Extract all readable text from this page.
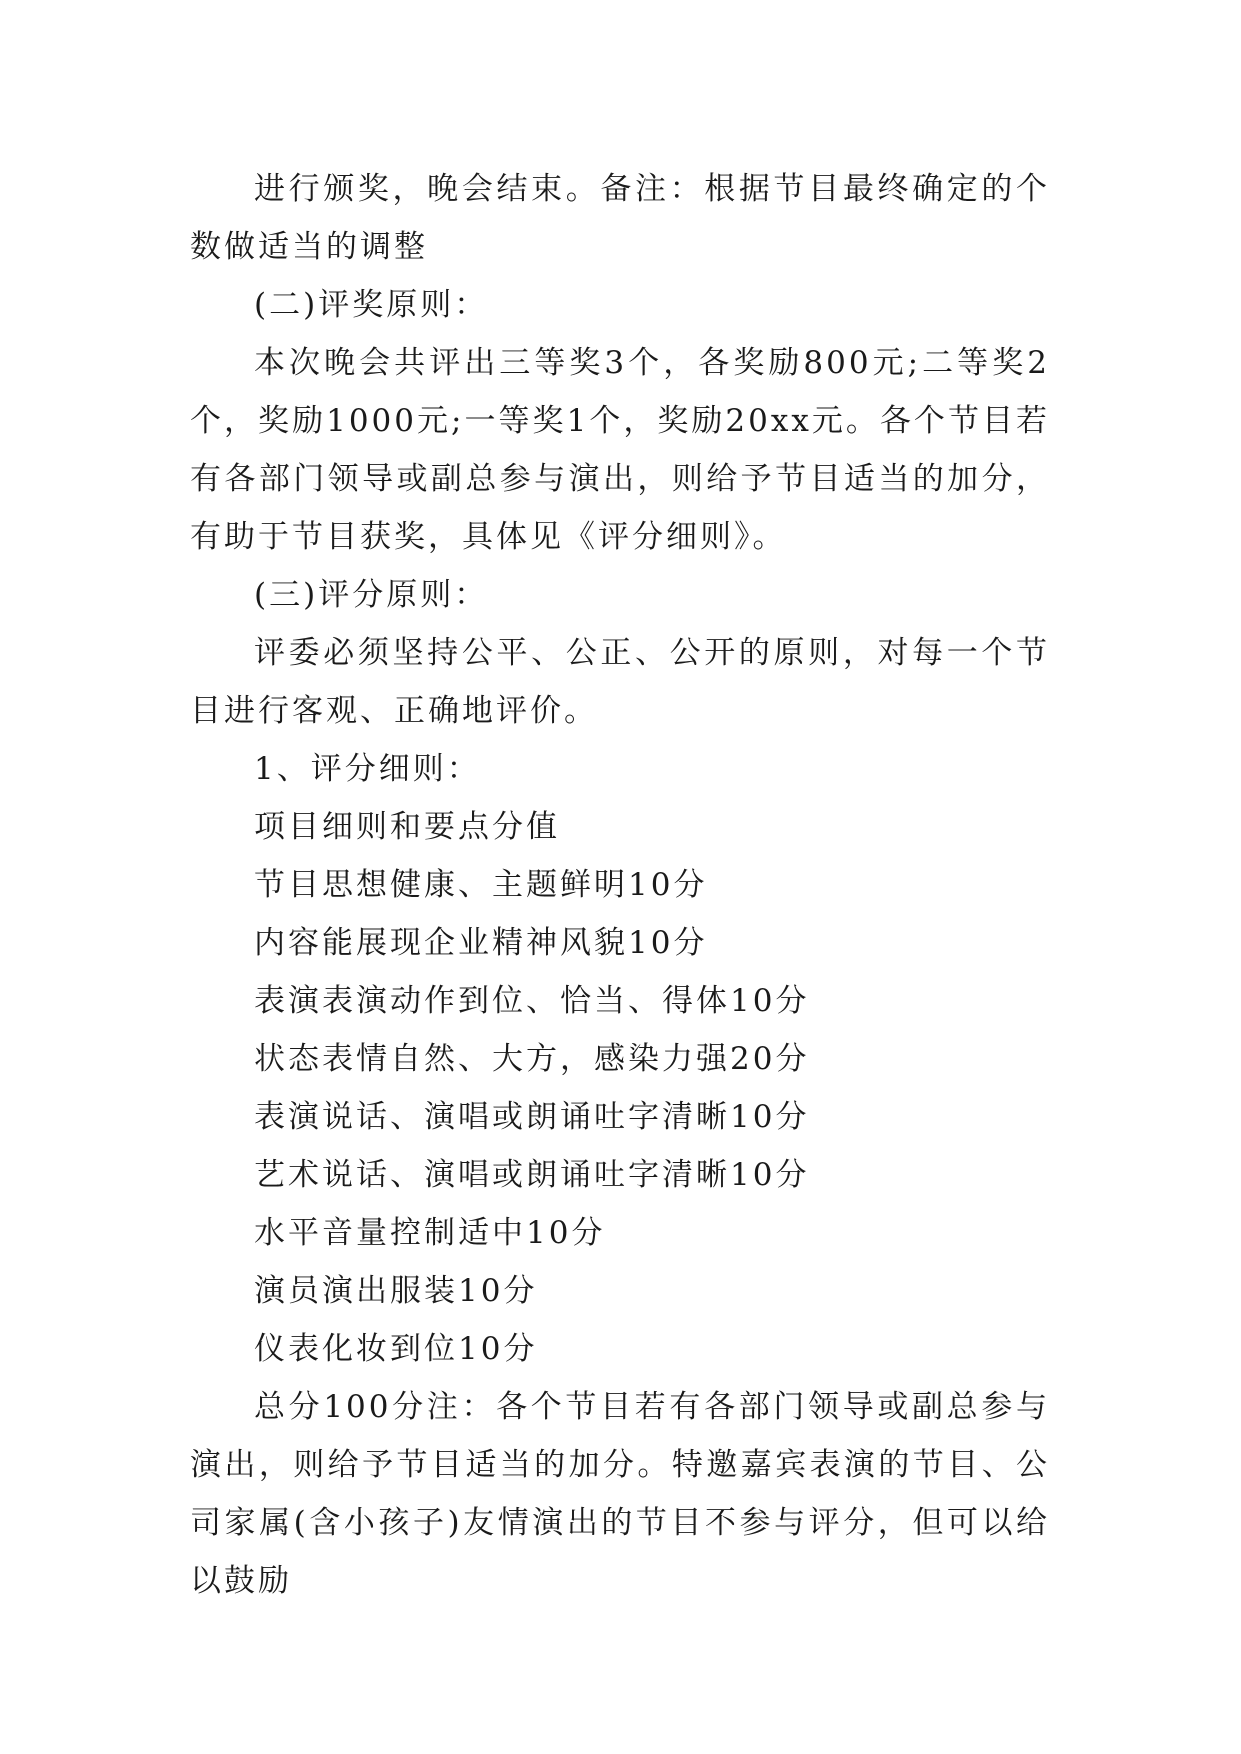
进行颁奖，晚会结束。备注：根据节目最终确定的个数做适当的调整

(二)评奖原则：

本次晚会共评出三等奖3个，各奖励800元;二等奖2个，奖励1000元;一等奖1个，奖励20xx元。各个节目若有各部门领导或副总参与演出，则给予节目适当的加分，有助于节目获奖，具体见《评分细则》。

(三)评分原则：

评委必须坚持公平、公正、公开的原则，对每一个节目进行客观、正确地评价。

1、评分细则：

项目细则和要点分值

节目思想健康、主题鲜明10分

内容能展现企业精神风貌10分

表演表演动作到位、恰当、得体10分

状态表情自然、大方，感染力强20分

表演说话、演唱或朗诵吐字清晰10分

艺术说话、演唱或朗诵吐字清晰10分

水平音量控制适中10分

演员演出服装10分

仪表化妆到位10分

总分100分注：各个节目若有各部门领导或副总参与演出，则给予节目适当的加分。特邀嘉宾表演的节目、公司家属(含小孩子)友情演出的节目不参与评分，但可以给以鼓励
